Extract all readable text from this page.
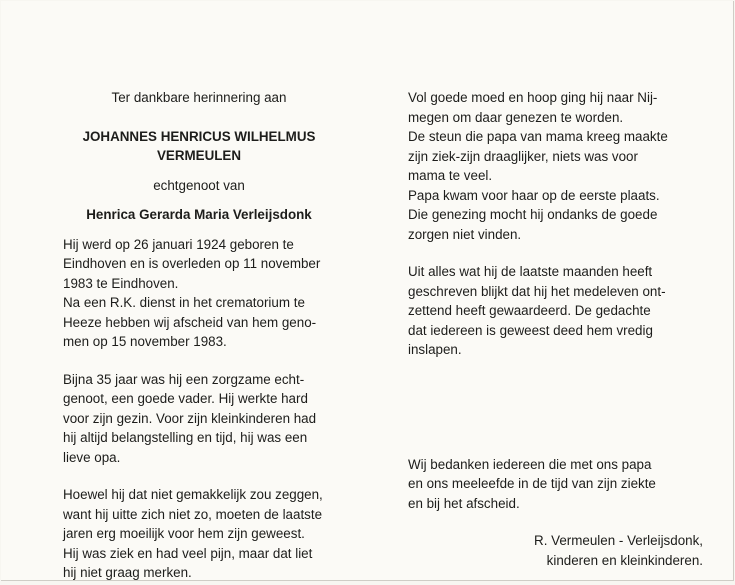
Ter dankbare herinnering aan

JOHANNES HENRICUS WILHELMUS

VERMEULEN

echtgenoot van

Henrica Gerarda Maria Verleijsdonk

Hij werd op 26 januari 1924 geboren te
Eindhoven en is overleden op 11 november
1983 te Eindhoven.
Na een R.K. dienst in het crematorium te
Heeze hebben wij afscheid van hem geno-
men op 15 november 1983.
Bijna 35 jaar was hij een zorgzame echt-
genoot, een goede vader. Hij werkte hard
voor zijn gezin. Voor zijn kleinkinderen had
hij altijd belangstelling en tijd, hij was een
lieve opa.
Hoewel hij dat niet gemakkelijk zou zeggen,
want hij uitte zich niet zo, moeten de laatste
jaren erg moeilijk voor hem zijn geweest.
Hij was ziek en had veel pijn, maar dat liet
hij niet graag merken.
Vol goede moed en hoop ging hij naar Nij-
megen om daar genezen te worden.
De steun die papa van mama kreeg maakte
zijn ziek-zijn draaglijker, niets was voor
mama te veel.
Papa kwam voor haar op de eerste plaats.
Die genezing mocht hij ondanks de goede
zorgen niet vinden.
Uit alles wat hij de laatste maanden heeft
geschreven blijkt dat hij het medeleven ont-
zettend heeft gewaardeerd. De gedachte
dat iedereen is geweest deed hem vredig
inslapen.
Wij bedanken iedereen die met ons papa
en ons meeleefde in de tijd van zijn ziekte
en bij het afscheid.
R. Vermeulen - Verleijsdonk,
kinderen en kleinkinderen.
